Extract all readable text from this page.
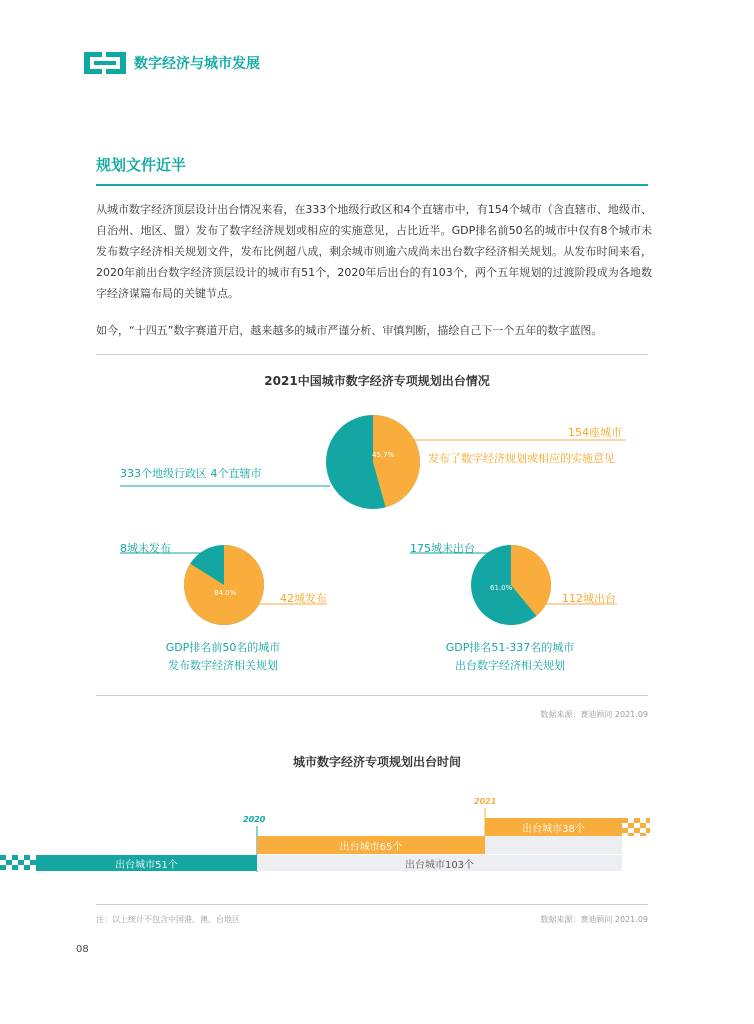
数字经济与城市发展
规划文件近半
从城市数字经济顶层设计出台情况来看，在333个地级行政区和4个直辖市中，有154个城市（含直辖市、地级市、自治州、地区、盟）发布了数字经济规划或相应的实施意见，占比近半。GDP排名前50名的城市中仅有8个城市未发布数字经济相关规划文件，发布比例超八成，剩余城市则逾六成尚未出台数字经济相关规划。从发布时间来看，2020年前出台数字经济顶层设计的城市有51个，2020年后出台的有103个，两个五年规划的过渡阶段成为各地数字经济谋篇布局的关键节点。
如今，“十四五”数字赛道开启，越来越多的城市严谨分析、审慎判断，描绘自己下一个五年的数字蓝图。
2021中国城市数字经济专项规划出台情况
333个地级行政区 4个直辖市
154座城市
发布了数字经济规划或相应的实施意见
45.7%
8城未发布
42城发布
84.0%
GDP排名前50名的城市
发布数字经济相关规划
175城未出台
112城出台
61.0%
GDP排名51-337名的城市
出台数字经济相关规划
数据来源：赛迪顾问 2021.09
城市数字经济专项规划出台时间
2020
2021
出台城市51个
出台城市65个
出台城市38个
出台城市103个
注：以上统计不包含中国港、澳、台地区	数据来源：赛迪顾问 2021.09
08
